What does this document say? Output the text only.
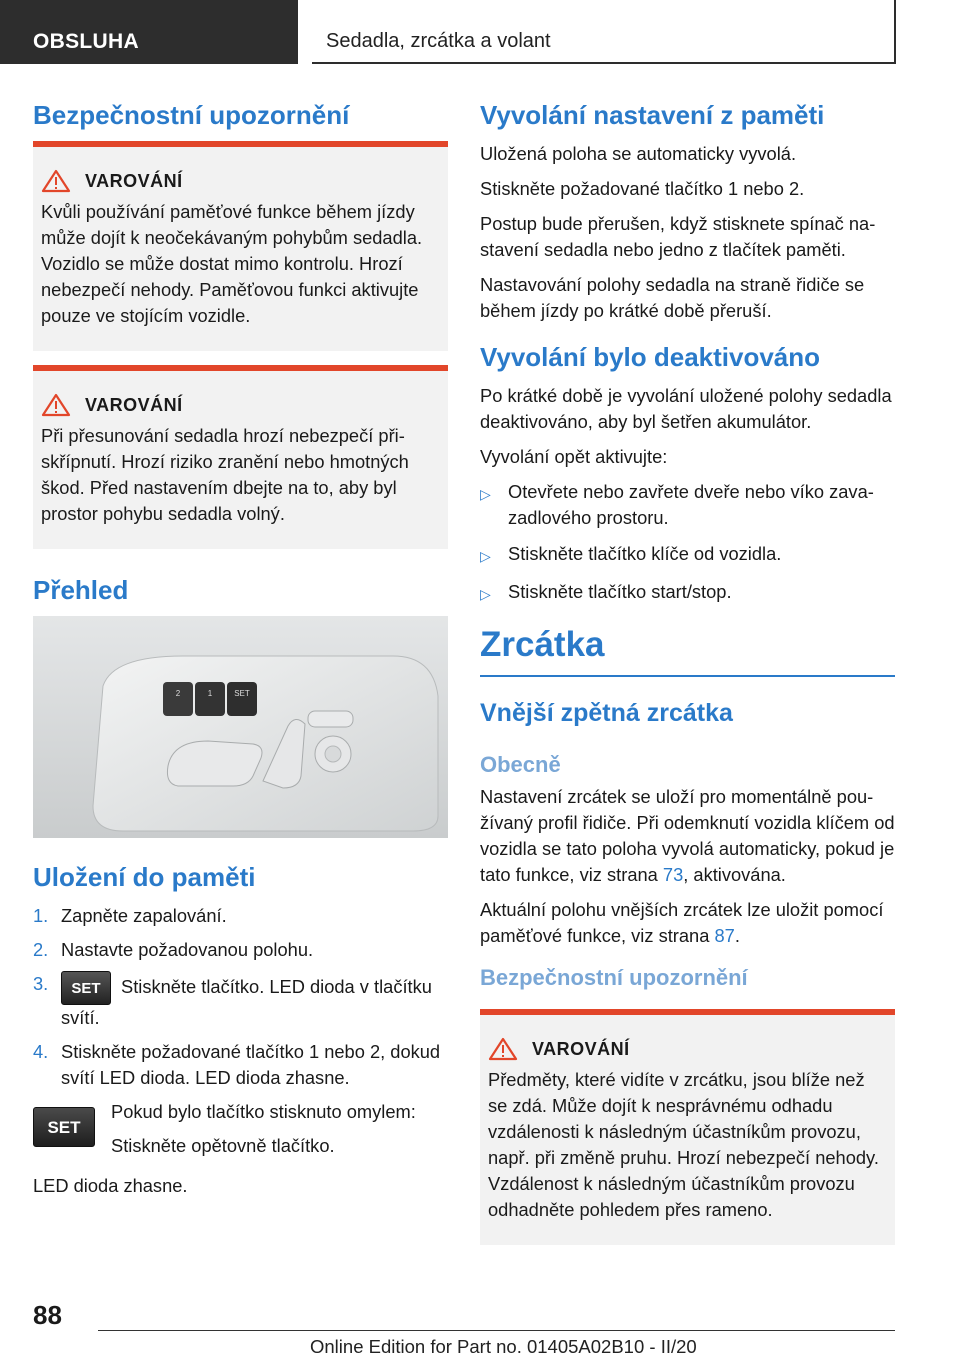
OBSLUHA	Sedadla, zrcátka a volant
Bezpečnostní upozornění
VAROVÁNÍ

Kvůli používání paměťové funkce během jízdy může dojít k neočekávaným pohybům sedadla. Vozidlo se může dostat mimo kontrolu. Hrozí nebezpečí nehody. Paměťovou funkci aktivujte pouze ve stojícím vozidle.

VAROVÁNÍ

Při přesunování sedadla hrozí nebezpečí přiskřípnutí. Hrozí riziko zranění nebo hmotných škod. Před nastavením dbejte na to, aby byl prostor pohybu sedadla volný.

Přehled
2	1	SET
Uložení do paměti
1. Zapněte zapalování.
2. Nastavte požadovanou polohu.
3.	SET Stiskněte tlačítko. LED dioda v tlačítku svítí.
4. Stiskněte požadované tlačítko 1 nebo 2, dokud svítí LED dioda. LED dioda zhasne.
SET

Pokud bylo tlačítko stisknuto omylem:

Stiskněte opětovně tlačítko.

LED dioda zhasne.

Vyvolání nastavení z paměti

Uložená poloha se automaticky vyvolá.

Stiskněte požadované tlačítko 1 nebo 2.

Postup bude přerušen, když stisknete spínač nastavení sedadla nebo jedno z tlačítek paměti.

Nastavování polohy sedadla na straně řidiče se během jízdy po krátké době přeruší.

Vyvolání bylo deaktivováno

Po krátké době je vyvolání uložené polohy sedadla deaktivováno, aby byl šetřen akumulátor.

Vyvolání opět aktivujte:

▷ Otevřete nebo zavřete dveře nebo víko zavazadlového prostoru.
▷ Stiskněte tlačítko klíče od vozidla.
▷ Stiskněte tlačítko start/stop.
Zrcátka
Vnější zpětná zrcátka
Obecně

Nastavení zrcátek se uloží pro momentálně používaný profil řidiče. Při odemknutí vozidla klíčem od vozidla se tato poloha vyvolá automaticky, pokud je tato funkce, viz strana 73, aktivována.

Aktuální polohu vnějších zrcátek lze uložit pomocí paměťové funkce, viz strana 87.

Bezpečnostní upozornění
VAROVÁNÍ

Předměty, které vidíte v zrcátku, jsou blíže než se zdá. Může dojít k nesprávnému odhadu vzdálenosti k následným účastníkům provozu, např. při změně pruhu. Hrozí nebezpečí nehody. Vzdálenost k následným účastníkům provozu odhadněte pohledem přes rameno.

88
Online Edition for Part no. 01405A02B10 - II/20
